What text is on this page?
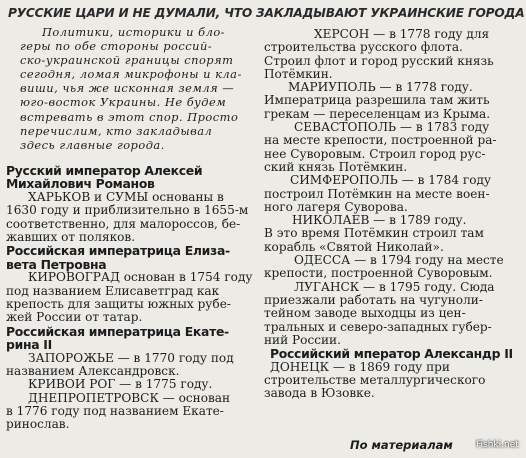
РУССКИЕ ЦАРИ И НЕ ДУМАЛИ, ЧТО ЗАКЛАДЫВАЮТ УКРАИНСКИЕ ГОРОДА
Политики, историки и бло-
геры по обе стороны россий-
ско-украинской границы спорят
сегодня, ломая микрофоны и кла-
виши, чья же исконная земля —
юго-восток Украины. Не будем
встревать в этот спор. Просто
перечислим, кто закладывал
здесь главные города.
Русский император Алексей
Михайлович Романов
ХАРЬКОВ и СУМЫ основаны в
1630 году и приблизительно в 1655-м
соответственно, для малороссов, бе-
жавших от поляков.
Российская императрица Елиза-
вета Петровна
КИРОВОГРАД основан в 1754 году
под названием Елисаветград как
крепость для защиты южных рубе-
жей России от татар.
Российская императрица Екате-
рина II
ЗАПОРОЖЬЕ — в 1770 году под
названием Александровск.
КРИВОЙ РОГ — в 1775 году.
ДНЕПРОПЕТРОВСК — основан
в 1776 году под названием Екате-
ринослав.
ХЕРСОН — в 1778 году для
строительства русского флота.
Строил флот и город русский князь
Потёмкин.
МАРИУПОЛЬ — в 1778 году.
Императрица разрешила там жить
грекам — переселенцам из Крыма.
СЕВАСТОПОЛЬ — в 1783 году
на месте крепости, построенной ра-
нее Суворовым. Строил город рус-
ский князь Потёмкин.
СИМФЕРОПОЛЬ — в 1784 году
построил Потёмкин на месте воен-
ного лагеря Суворова.
НИКОЛАЕВ — в 1789 году.
В это время Потёмкин строил там
корабль «Святой Николай».
ОДЕССА — в 1794 году на месте
крепости, построенной Суворовым.
ЛУГАНСК — в 1795 году. Сюда
приезжали работать на чугуноли-
тейном заводе выходцы из цен-
тральных и северо-западных губер-
ний России.
Российский мператор Александр II
ДОНЕЦК — в 1869 году при
строительстве металлургического
завода в Юзовке.
По материалам	Fishki.net
